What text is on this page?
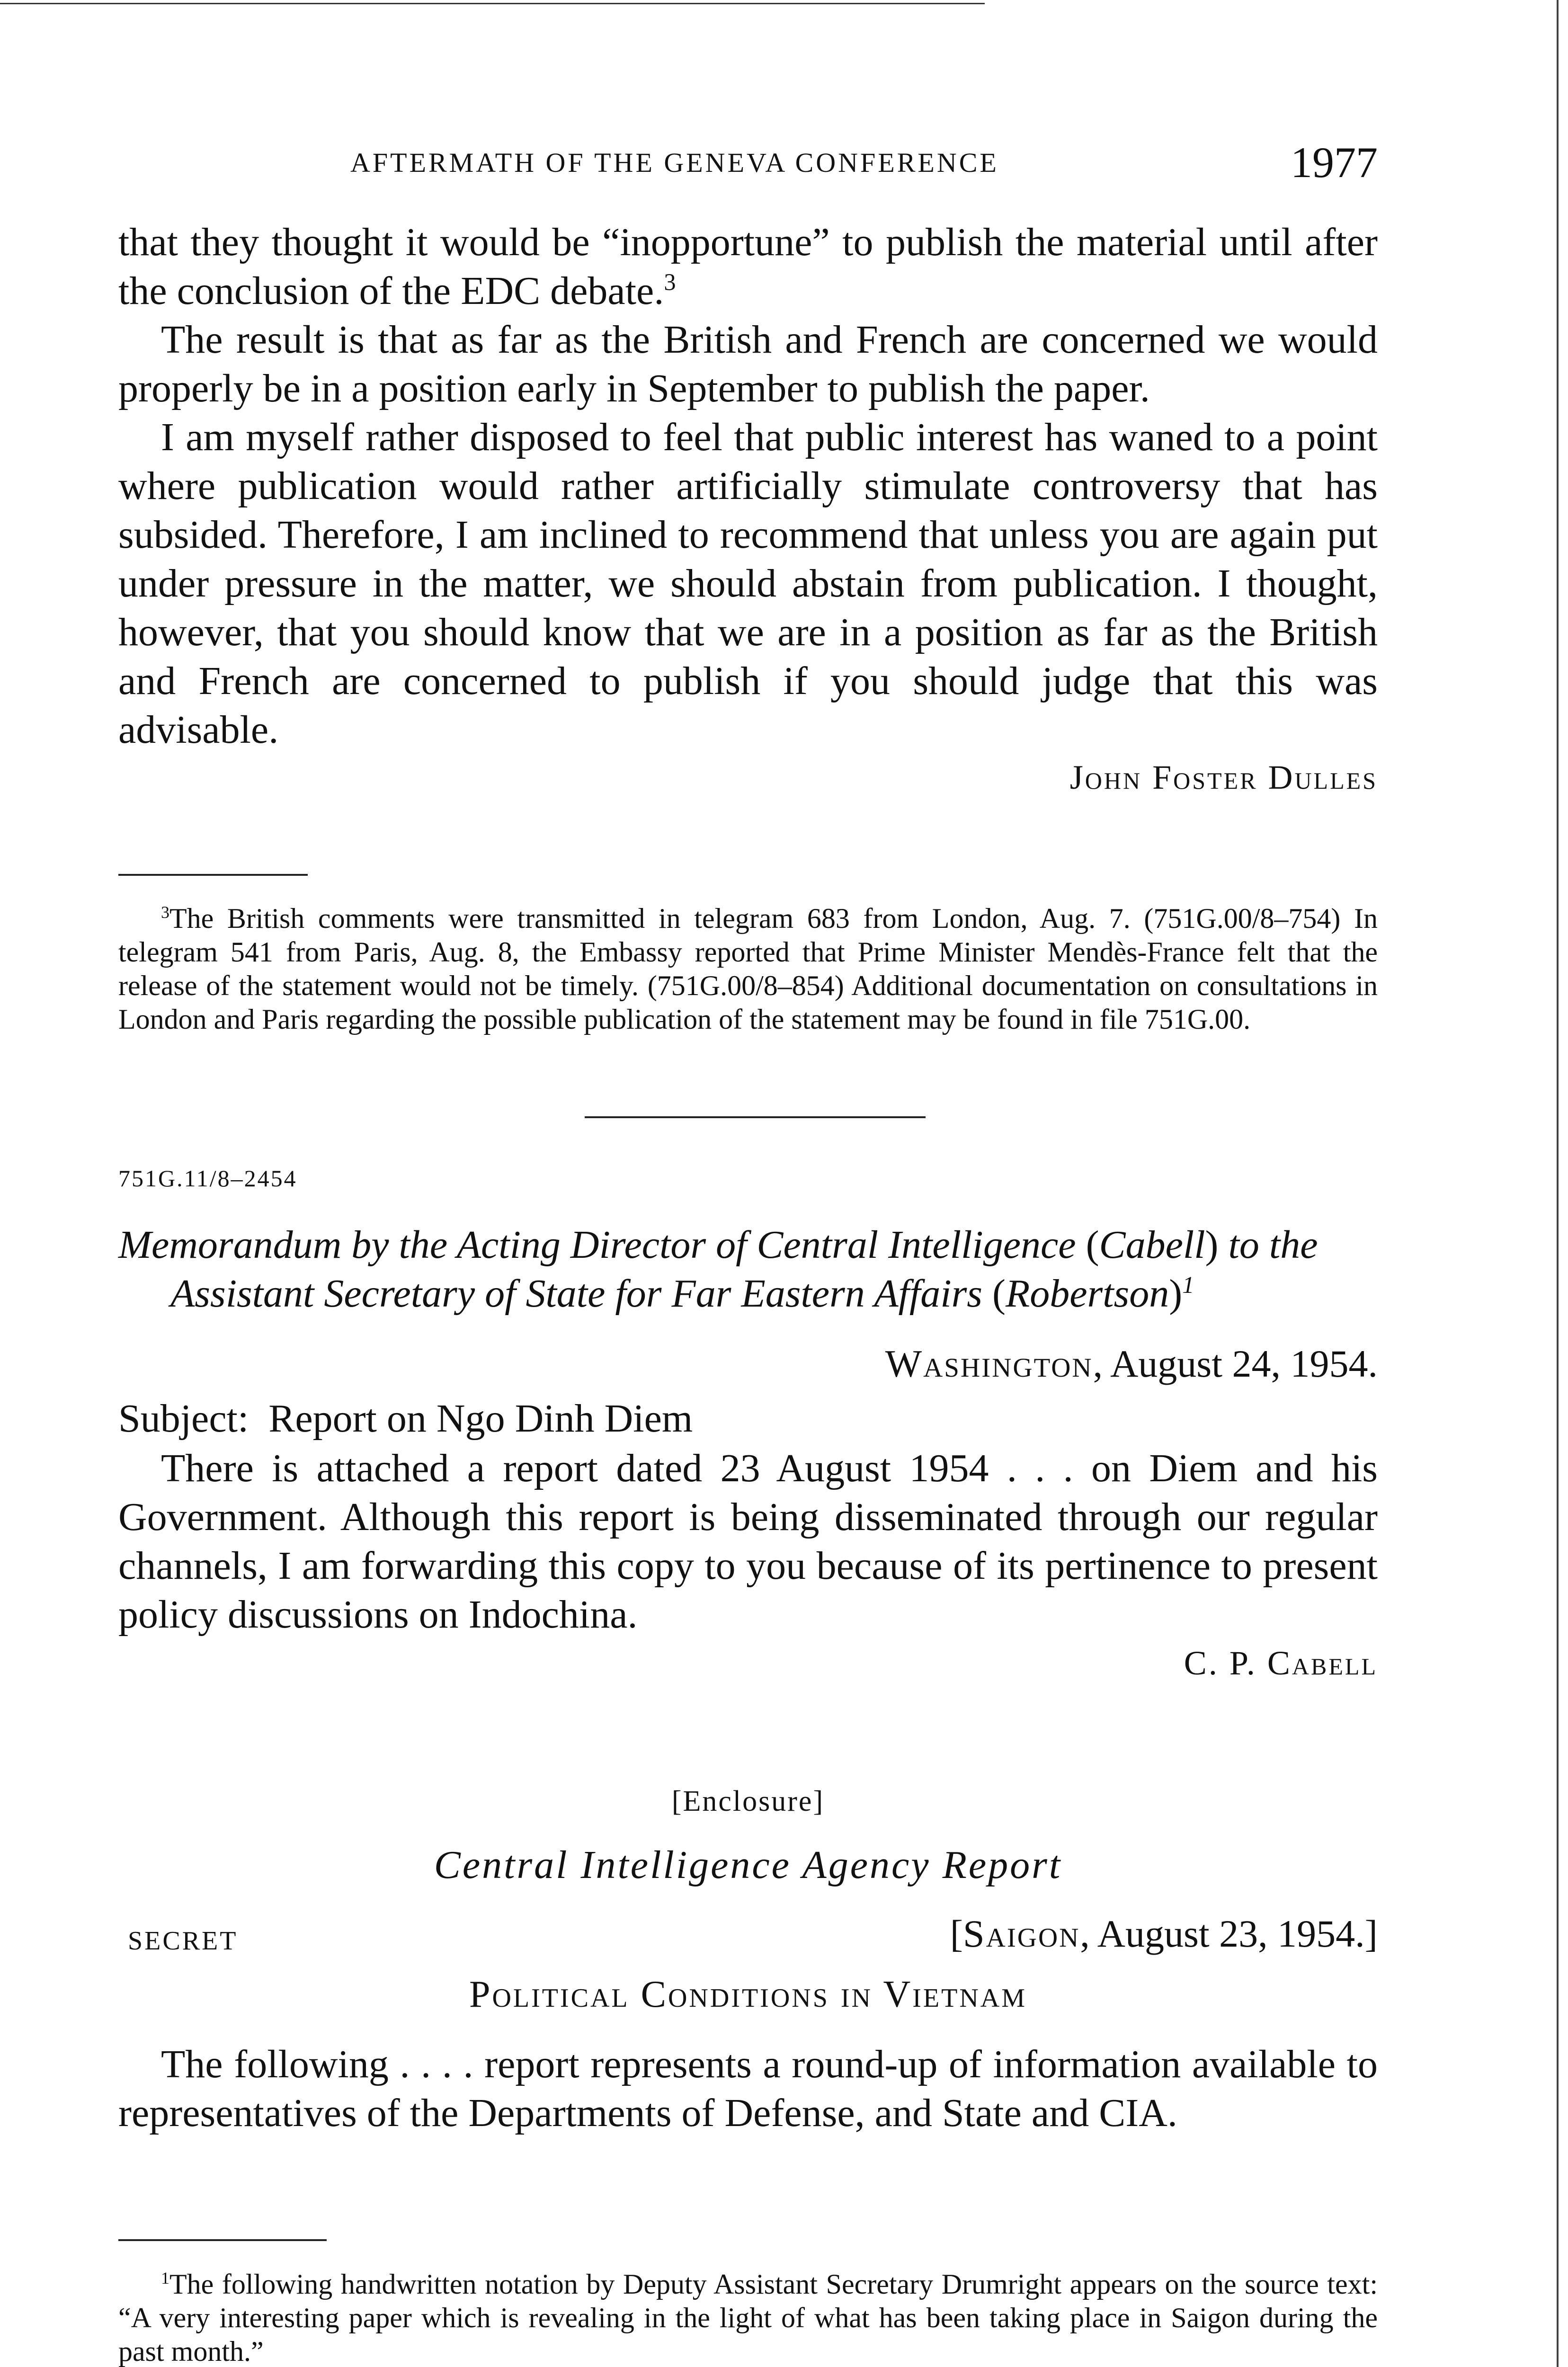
AFTERMATH OF THE GENEVA CONFERENCE	1977

that they thought it would be “inopportune” to publish the material until after the conclusion of the EDC debate.$^3$

The result is that as far as the British and French are concerned we would properly be in a position early in September to publish the paper.

I am myself rather disposed to feel that public interest has waned to a point where publication would rather artificially stimulate controversy that has subsided. Therefore, I am inclined to recommend that unless you are again put under pressure in the matter, we should abstain from publication. I thought, however, that you should know that we are in a position as far as the British and French are concerned to publish if you should judge that this was advisable.

John Foster Dulles

$^3$The British comments were transmitted in telegram 683 from London, Aug. 7. (751G.00/8–754) In telegram 541 from Paris, Aug. 8, the Embassy reported that Prime Minister Mendès-France felt that the release of the statement would not be timely. (751G.00/8–854) Additional documentation on consultations in London and Paris regarding the possible publication of the statement may be found in file 751G.00.

751G.11/8–2454

Memorandum by the Acting Director of Central Intelligence (Cabell) to the Assistant Secretary of State for Far Eastern Affairs (Robertson)$^1$

Washington, August 24, 1954.

Subject: Report on Ngo Dinh Diem

There is attached a report dated 23 August 1954 . . . on Diem and his Government. Although this report is being disseminated through our regular channels, I am forwarding this copy to you because of its pertinence to present policy discussions on Indochina.

C. P. Cabell

[Enclosure]

Central Intelligence Agency Report

SECRET	[Saigon, August 23, 1954.]

Political Conditions in Vietnam

The following . . . . report represents a round-up of information available to representatives of the Departments of Defense, and State and CIA.

$^1$The following handwritten notation by Deputy Assistant Secretary Drumright appears on the source text: “A very interesting paper which is revealing in the light of what has been taking place in Saigon during the past month.”
